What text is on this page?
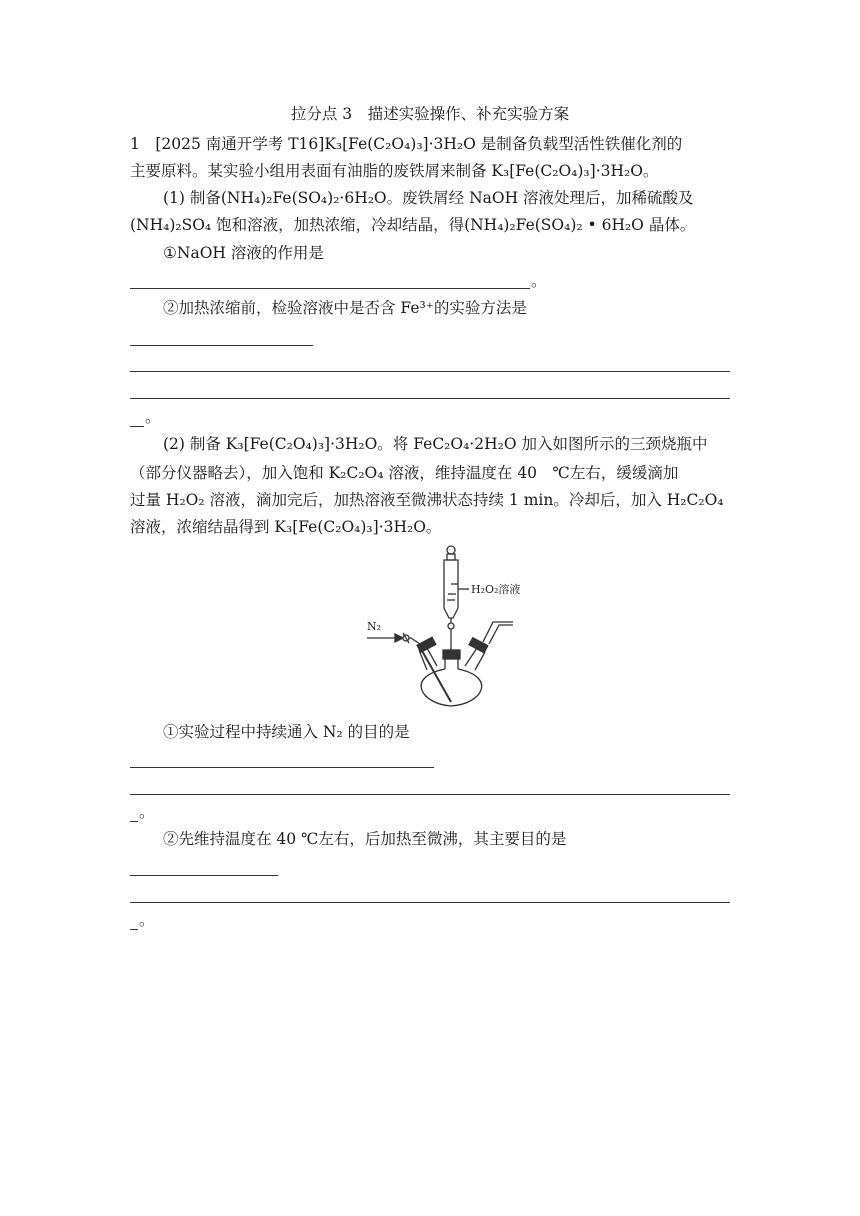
拉分点 3　描述实验操作、补充实验方案
1　[2025 南通开学考 T16]K₃[Fe(C₂O₄)₃]·3H₂O 是制备负载型活性铁催化剂的
主要原料。某实验小组用表面有油脂的废铁屑来制备 K₃[Fe(C₂O₄)₃]·3H₂O。
(1) 制备(NH₄)₂Fe(SO₄)₂·6H₂O。废铁屑经 NaOH 溶液处理后，加稀硫酸及
(NH₄)₂SO₄ 饱和溶液，加热浓缩，冷却结晶，得(NH₄)₂Fe(SO₄)₂ • 6H₂O 晶体。
①NaOH 溶液的作用是
。
②加热浓缩前，检验溶液中是否含 Fe³⁺的实验方法是
。
(2) 制备 K₃[Fe(C₂O₄)₃]·3H₂O。将 FeC₂O₄·2H₂O 加入如图所示的三颈烧瓶中
（部分仪器略去），加入饱和 K₂C₂O₄ 溶液，维持温度在 40　℃左右，缓缓滴加
过量 H₂O₂ 溶液，滴加完后，加热溶液至微沸状态持续 1 min。冷却后，加入 H₂C₂O₄
溶液，浓缩结晶得到 K₃[Fe(C₂O₄)₃]·3H₂O。
H₂O₂溶液
N₂
①实验过程中持续通入 N₂ 的目的是
。
②先维持温度在 40 ℃左右，后加热至微沸，其主要目的是
。
